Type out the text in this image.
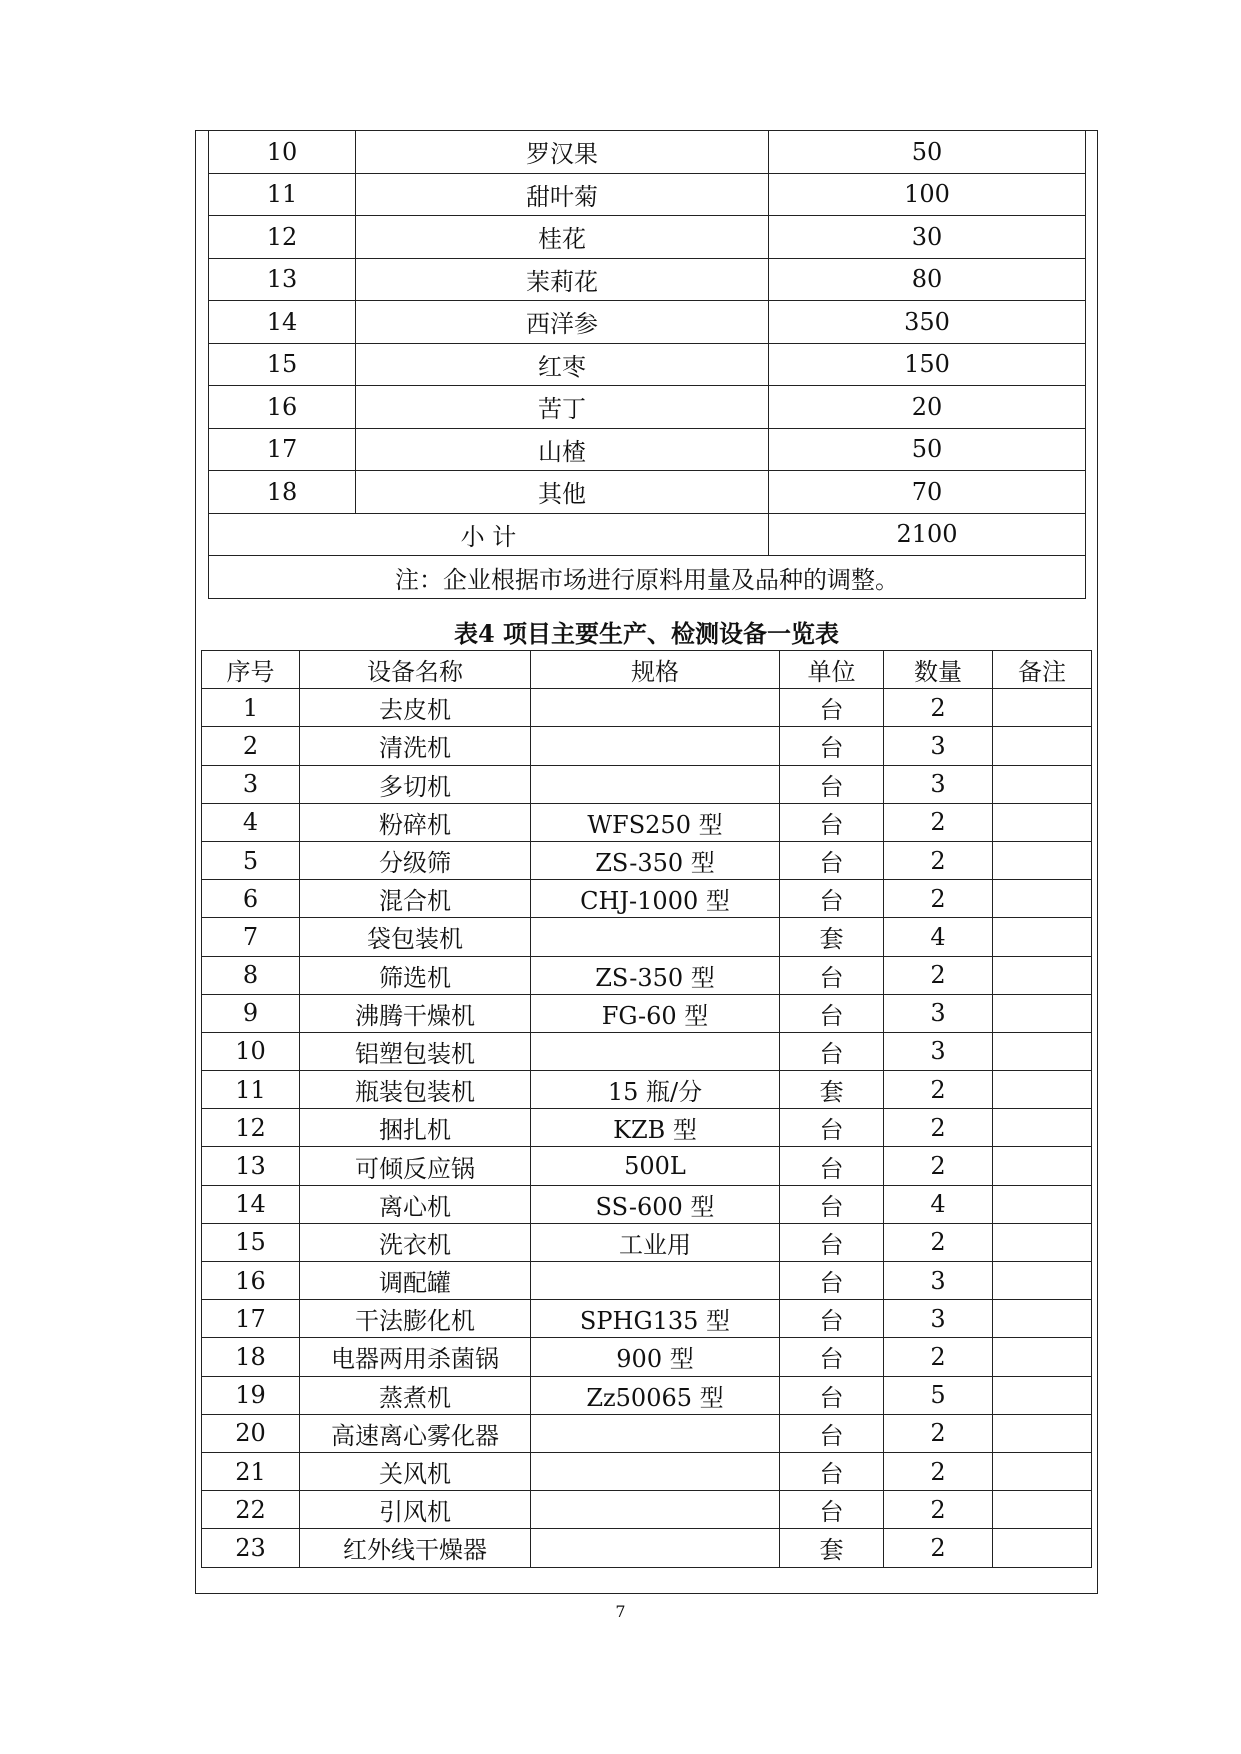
10	罗汉果	50
11	甜叶菊	100
12	桂花	30
13	茉莉花	80
14	西洋参	350
15	红枣	150
16	苦丁	20
17	山楂	50
18	其他	70
小 计		2100
注：企业根据市场进行原料用量及品种的调整。		
表4 项目主要生产、检测设备一览表
序号	设备名称	规格	单位	数量	备注
1	去皮机		台	2	
2	清洗机		台	3	
3	多切机		台	3	
4	粉碎机	WFS250 型	台	2	
5	分级筛	ZS-350 型	台	2	
6	混合机	CHJ-1000 型	台	2	
7	袋包装机		套	4	
8	筛选机	ZS-350 型	台	2	
9	沸腾干燥机	FG-60 型	台	3	
10	铝塑包装机		台	3	
11	瓶装包装机	15 瓶/分	套	2	
12	捆扎机	KZB 型	台	2	
13	可倾反应锅	500L	台	2	
14	离心机	SS-600 型	台	4	
15	洗衣机	工业用	台	2	
16	调配罐		台	3	
17	干法膨化机	SPHG135 型	台	3	
18	电器两用杀菌锅	900 型	台	2	
19	蒸煮机	Zz50065 型	台	5	
20	高速离心雾化器		台	2	
21	关风机		台	2	
22	引风机		台	2	
23	红外线干燥器		套	2	
7
